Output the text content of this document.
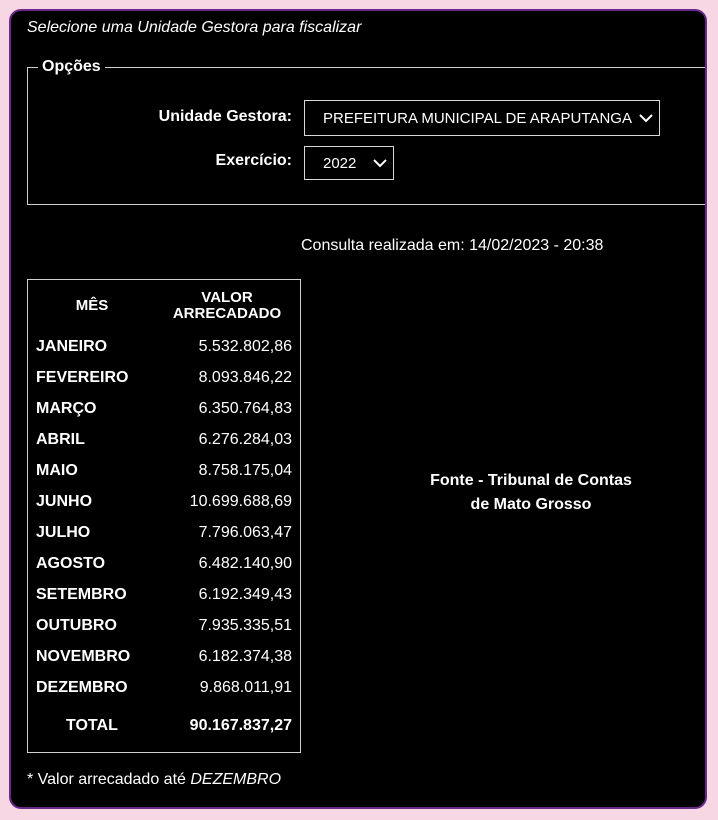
Selecione uma Unidade Gestora para fiscalizar
Opções
Unidade Gestora:	PREFEITURA MUNICIPAL DE ARAPUTANGA
Exercício:	2022
Consulta realizada em: 14/02/2023 - 20:38
MÊS	VALOR ARRECADADO
JANEIRO	5.532.802,86
FEVEREIRO	8.093.846,22
MARÇO	6.350.764,83
ABRIL	6.276.284,03
MAIO	8.758.175,04
JUNHO	10.699.688,69
JULHO	7.796.063,47
AGOSTO	6.482.140,90
SETEMBRO	6.192.349,43
OUTUBRO	7.935.335,51
NOVEMBRO	6.182.374,38
DEZEMBRO	9.868.011,91
TOTAL	90.167.837,27
Fonte - Tribunal de Contas
de Mato Grosso
* Valor arrecadado até DEZEMBRO
